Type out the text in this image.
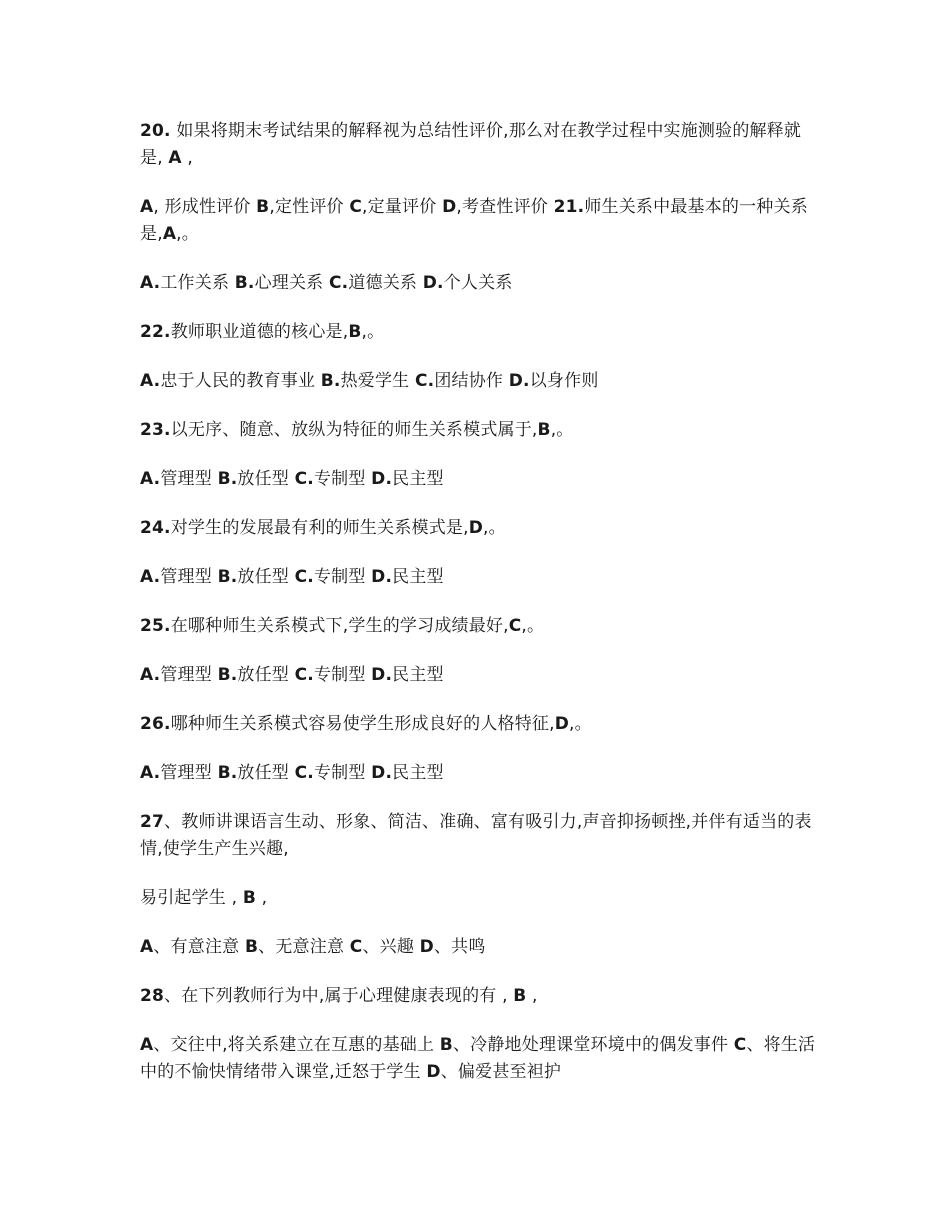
20. 如果将期末考试结果的解释视为总结性评价,那么对在教学过程中实施测验的解释就是, A ,

A, 形成性评价 B,定性评价 C,定量评价 D,考查性评价 21.师生关系中最基本的一种关系是,A,。

A.工作关系 B.心理关系 C.道德关系 D.个人关系

22.教师职业道德的核心是,B,。

A.忠于人民的教育事业 B.热爱学生 C.团结协作 D.以身作则

23.以无序、随意、放纵为特征的师生关系模式属于,B,。

A.管理型 B.放任型 C.专制型 D.民主型

24.对学生的发展最有利的师生关系模式是,D,。

A.管理型 B.放任型 C.专制型 D.民主型

25.在哪种师生关系模式下,学生的学习成绩最好,C,。

A.管理型 B.放任型 C.专制型 D.民主型

26.哪种师生关系模式容易使学生形成良好的人格特征,D,。

A.管理型 B.放任型 C.专制型 D.民主型

27、教师讲课语言生动、形象、简洁、准确、富有吸引力,声音抑扬顿挫,并伴有适当的表情,使学生产生兴趣,

易引起学生 , B ,

A、有意注意 B、无意注意 C、兴趣 D、共鸣

28、在下列教师行为中,属于心理健康表现的有 , B ,

A、交往中,将关系建立在互惠的基础上 B、冷静地处理课堂环境中的偶发事件 C、将生活中的不愉快情绪带入课堂,迁怒于学生 D、偏爱甚至袒护
